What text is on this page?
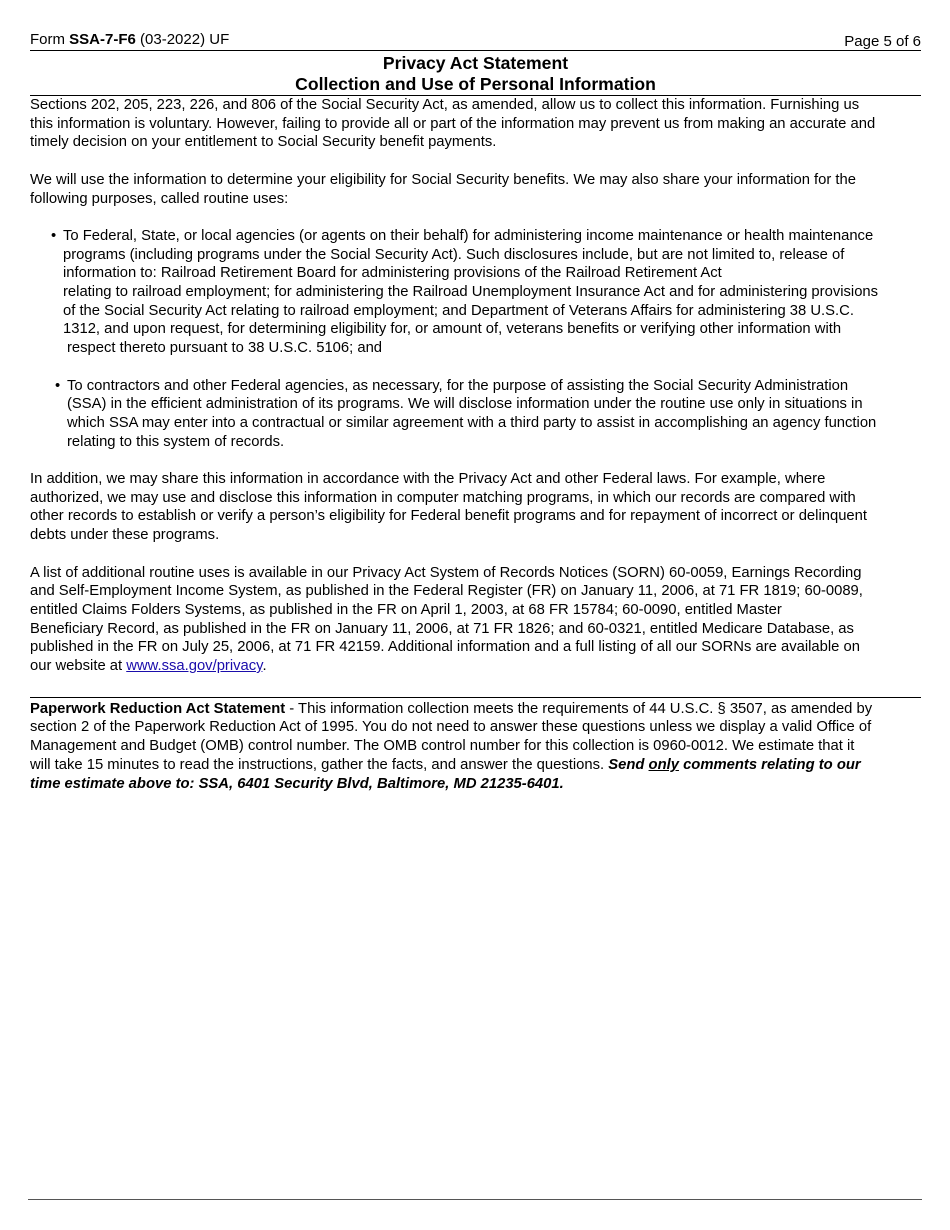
Form SSA-7-F6 (03-2022) UF	Page 5 of 6
Privacy Act Statement
Collection and Use of Personal Information
Sections 202, 205, 223, 226, and 806 of the Social Security Act, as amended, allow us to collect this information. Furnishing us
this information is voluntary. However, failing to provide all or part of the information may prevent us from making an accurate and
timely decision on your entitlement to Social Security benefit payments.
We will use the information to determine your eligibility for Social Security benefits. We may also share your information for the
following purposes, called routine uses:
• To Federal, State, or local agencies (or agents on their behalf) for administering income maintenance or health maintenance
programs (including programs under the Social Security Act). Such disclosures include, but are not limited to, release of
information to: Railroad Retirement Board for administering provisions of the Railroad Retirement Act
relating to railroad employment; for administering the Railroad Unemployment Insurance Act and for administering provisions
of the Social Security Act relating to railroad employment; and Department of Veterans Affairs for administering 38 U.S.C.
1312, and upon request, for determining eligibility for, or amount of, veterans benefits or verifying other information with
respect thereto pursuant to 38 U.S.C. 5106; and
• To contractors and other Federal agencies, as necessary, for the purpose of assisting the Social Security Administration
(SSA) in the efficient administration of its programs. We will disclose information under the routine use only in situations in
which SSA may enter into a contractual or similar agreement with a third party to assist in accomplishing an agency function
relating to this system of records.
In addition, we may share this information in accordance with the Privacy Act and other Federal laws. For example, where
authorized, we may use and disclose this information in computer matching programs, in which our records are compared with
other records to establish or verify a person’s eligibility for Federal benefit programs and for repayment of incorrect or delinquent
debts under these programs.
A list of additional routine uses is available in our Privacy Act System of Records Notices (SORN) 60-0059, Earnings Recording
and Self-Employment Income System, as published in the Federal Register (FR) on January 11, 2006, at 71 FR 1819; 60-0089,
entitled Claims Folders Systems, as published in the FR on April 1, 2003, at 68 FR 15784; 60-0090, entitled Master
Beneficiary Record, as published in the FR on January 11, 2006, at 71 FR 1826; and 60-0321, entitled Medicare Database, as
published in the FR on July 25, 2006, at 71 FR 42159. Additional information and a full listing of all our SORNs are available on
our website at www.ssa.gov/privacy.
Paperwork Reduction Act Statement - This information collection meets the requirements of 44 U.S.C. § 3507, as amended by
section 2 of the Paperwork Reduction Act of 1995. You do not need to answer these questions unless we display a valid Office of
Management and Budget (OMB) control number. The OMB control number for this collection is 0960-0012. We estimate that it
will take 15 minutes to read the instructions, gather the facts, and answer the questions. Send only comments relating to our
time estimate above to: SSA, 6401 Security Blvd, Baltimore, MD 21235-6401.
